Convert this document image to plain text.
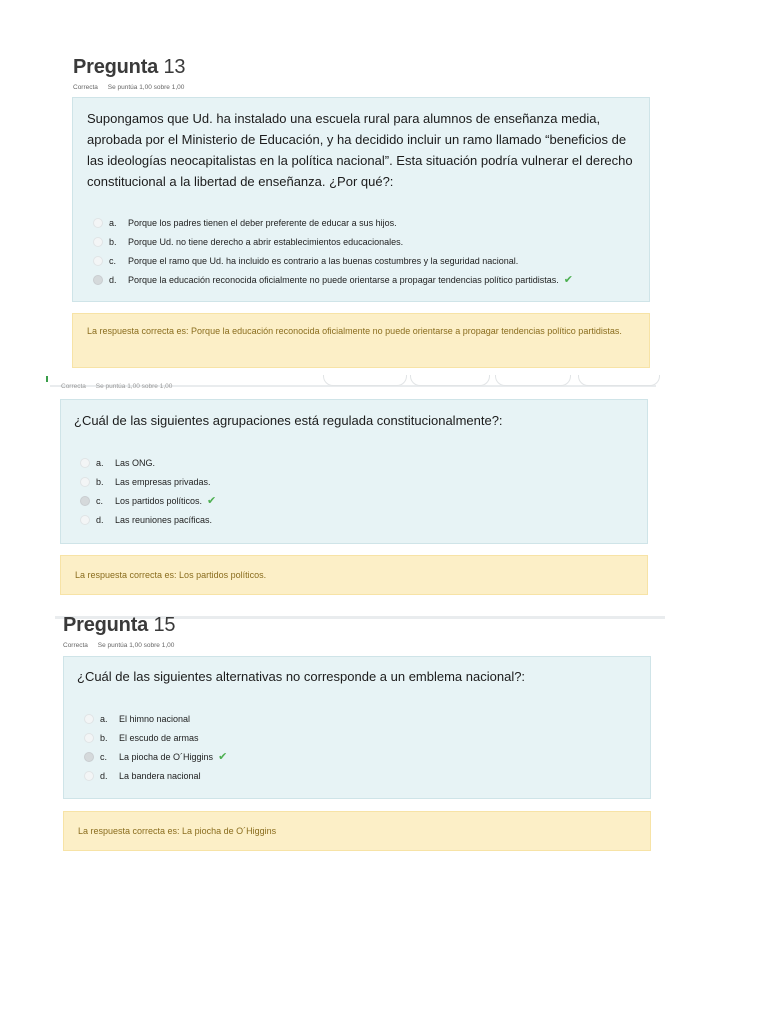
Pregunta 13
Correcta Se puntúa 1,00 sobre 1,00
Supongamos que Ud. ha instalado una escuela rural para alumnos de enseñanza media, aprobada por el Ministerio de Educación, y ha decidido incluir un ramo llamado “beneficios de las ideologías neocapitalistas en la política nacional”. Esta situación podría vulnerar el derecho constitucional a la libertad de enseñanza. ¿Por qué?:
a.	Porque los padres tienen el deber preferente de educar a sus hijos.
b.	Porque Ud. no tiene derecho a abrir establecimientos educacionales.
c.	Porque el ramo que Ud. ha incluido es contrario a las buenas costumbres y la seguridad nacional.
d.	Porque la educación reconocida oficialmente no puede orientarse a propagar tendencias político partidistas. ✔
La respuesta correcta es: Porque la educación reconocida oficialmente no puede orientarse a propagar tendencias político partidistas.
Correcta Se puntúa 1,00 sobre 1,00
¿Cuál de las siguientes agrupaciones está regulada constitucionalmente?:
a.	Las ONG.
b.	Las empresas privadas.
c.	Los partidos políticos. ✔
d.	Las reuniones pacíficas.
La respuesta correcta es: Los partidos políticos.
Pregunta 15
Correcta Se puntúa 1,00 sobre 1,00
¿Cuál de las siguientes alternativas no corresponde a un emblema nacional?:
a.	El himno nacional
b.	El escudo de armas
c.	La piocha de O´Higgins ✔
d.	La bandera nacional
La respuesta correcta es: La piocha de O´Higgins
